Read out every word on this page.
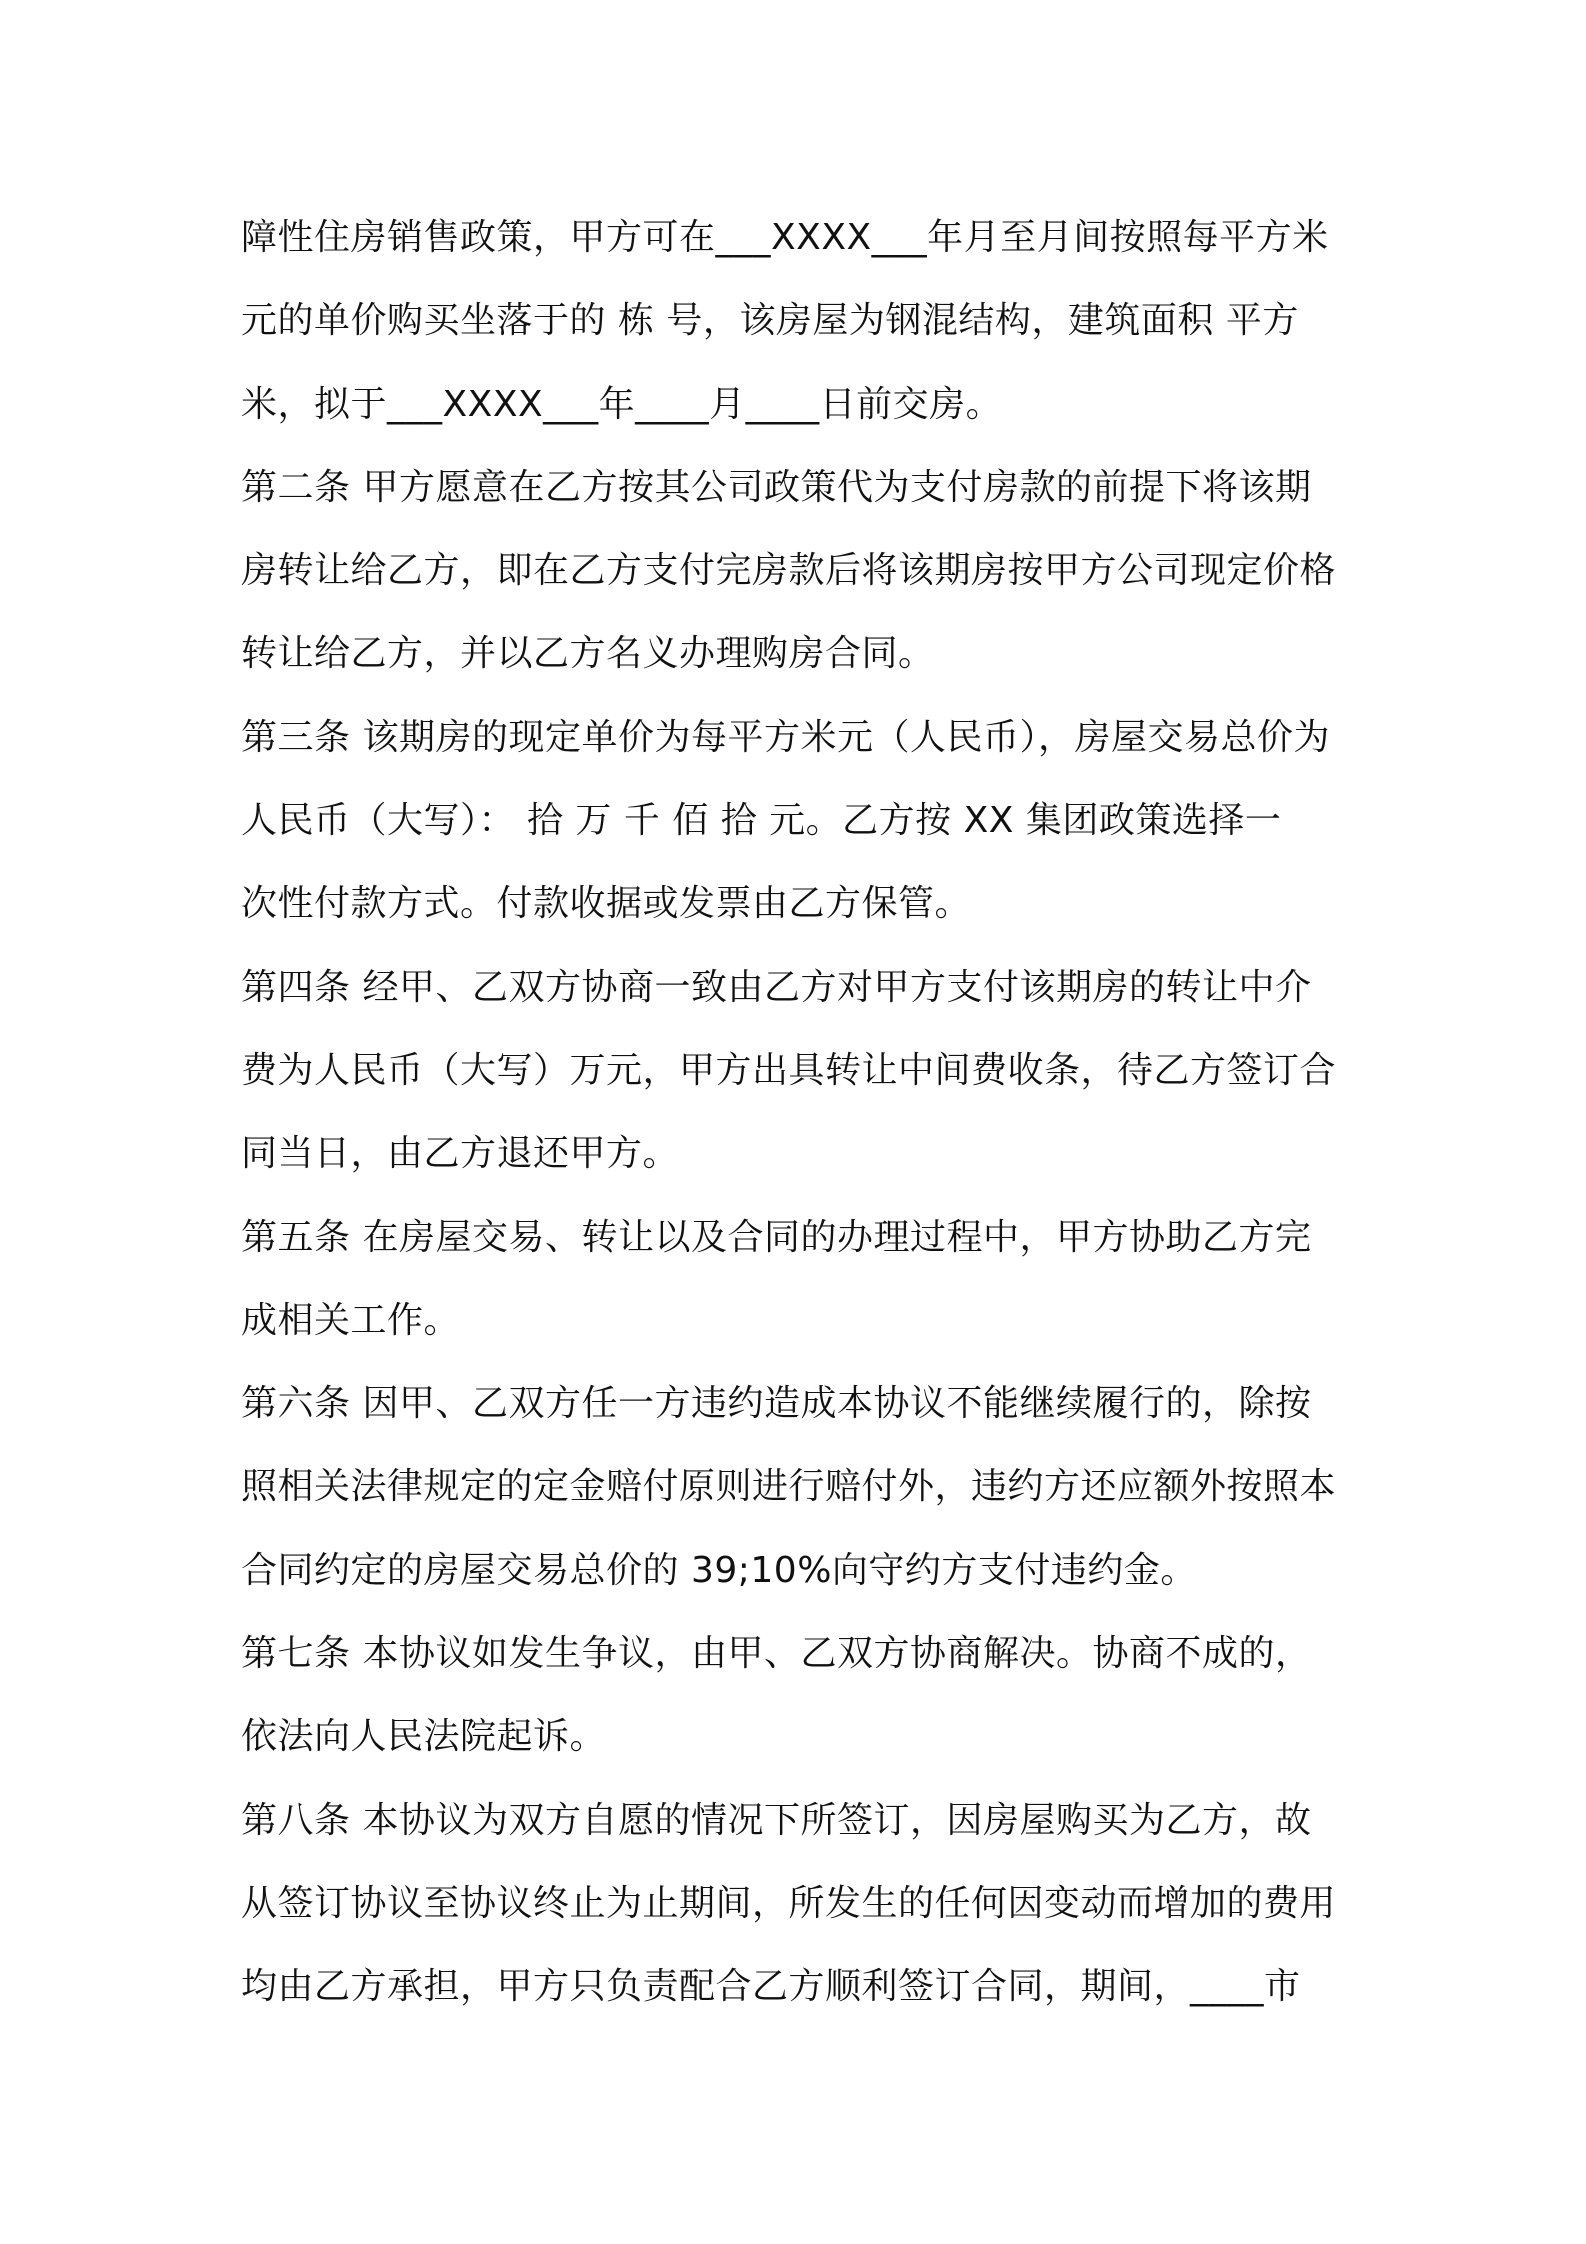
障性住房销售政策，甲方可在___XXXX___年月至月间按照每平方米
元的单价购买坐落于的 栋 号，该房屋为钢混结构，建筑面积 平方
米，拟于___XXXX___年____月____日前交房。
第二条 甲方愿意在乙方按其公司政策代为支付房款的前提下将该期
房转让给乙方，即在乙方支付完房款后将该期房按甲方公司现定价格
转让给乙方，并以乙方名义办理购房合同。
第三条 该期房的现定单价为每平方米元（人民币），房屋交易总价为
人民币（大写）： 拾 万 千 佰 拾 元。乙方按 XX 集团政策选择一
次性付款方式。付款收据或发票由乙方保管。
第四条 经甲、乙双方协商一致由乙方对甲方支付该期房的转让中介
费为人民币（大写）万元，甲方出具转让中间费收条，待乙方签订合
同当日，由乙方退还甲方。
第五条 在房屋交易、转让以及合同的办理过程中，甲方协助乙方完
成相关工作。
第六条 因甲、乙双方任一方违约造成本协议不能继续履行的，除按
照相关法律规定的定金赔付原则进行赔付外，违约方还应额外按照本
合同约定的房屋交易总价的 39;10%向守约方支付违约金。
第七条 本协议如发生争议，由甲、乙双方协商解决。协商不成的，
依法向人民法院起诉。
第八条 本协议为双方自愿的情况下所签订，因房屋购买为乙方，故
从签订协议至协议终止为止期间，所发生的任何因变动而增加的费用
均由乙方承担，甲方只负责配合乙方顺利签订合同，期间，____市
